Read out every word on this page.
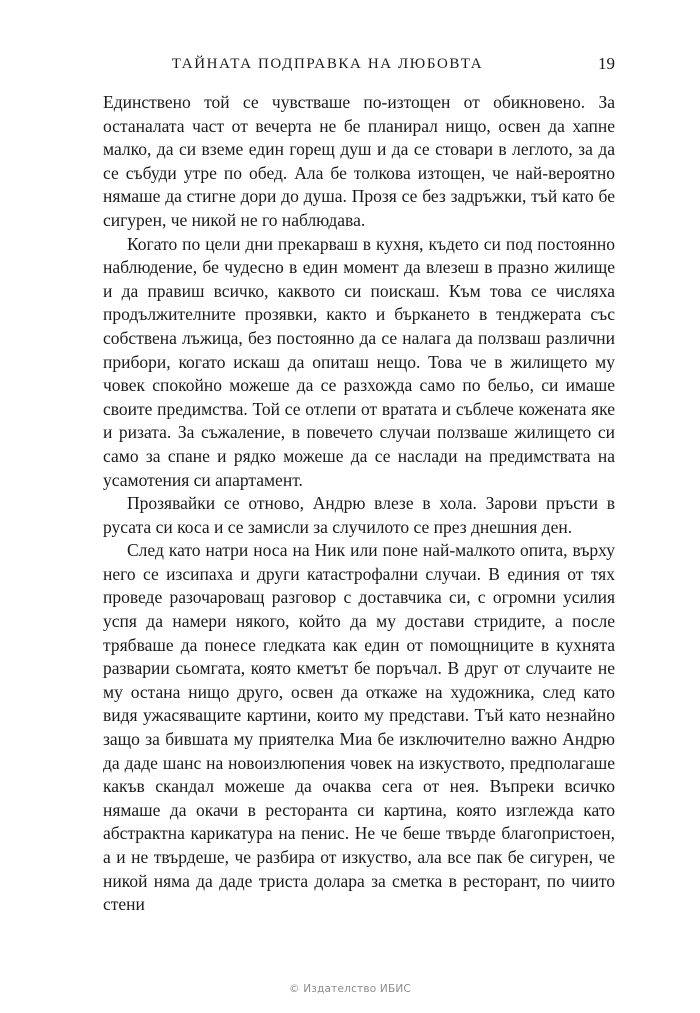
ТАЙНАТА ПОДПРАВКА НА ЛЮБОВТА	19

Единствено той се чувстваше по-изтощен от обикновено. За останалата част от вечерта не бе планирал нищо, освен да хапне малко, да си вземе един горещ душ и да се стовари в леглото, за да се събуди утре по обед. Ала бе толкова изтощен, че най-вероятно нямаше да стигне дори до душа. Прозя се без задръжки, тъй като бе сигурен, че никой не го наблюдава.

Когато по цели дни прекарваш в кухня, където си под постоянно наблюдение, бе чудесно в един момент да влезеш в празно жилище и да правиш всичко, каквото си поискаш. Към това се числяха продължителните прозявки, както и бъркането в тенджерата със собствена лъжица, без постоянно да се налага да ползваш различни прибори, когато искаш да опиташ нещо. Това че в жилището му човек спокойно можеше да се разхожда само по бельо, си имаше своите предимства. Той се отлепи от вратата и съблече кожената яке и ризата. За съжаление, в повечето случаи ползваше жилището си само за спане и рядко можеше да се наслади на предимствата на усамотения си апартамент.

Прозявайки се отново, Андрю влезе в хола. Зарови пръсти в русата си коса и се замисли за случилото се през днешния ден.

След като натри носа на Ник или поне най-малкото опита, върху него се изсипаха и други катастрофални случаи. В единия от тях проведе разочароващ разговор с доставчика си, с огромни усилия успя да намери някого, който да му достави стридите, а после трябваше да понесе гледката как един от помощниците в кухнята разварии сьомгата, която кметът бе поръчал. В друг от случаите не му остана нищо друго, освен да откаже на художника, след като видя ужасяващите картини, които му представи. Тъй като незнайно защо за бившата му приятелка Миа бе изключително важно Андрю да даде шанс на новоизлюпения човек на изкуството, предполагаше какъв скандал можеше да очаква сега от нея. Въпреки всичко нямаше да окачи в ресторанта си картина, която изглежда като абстрактна карикатура на пенис. Не че беше твърде благопристоен, а и не твърдеше, че разбира от изкуство, ала все пак бе сигурен, че никой няма да даде триста долара за сметка в ресторант, по чиито стени

© Издателство ИБИС
